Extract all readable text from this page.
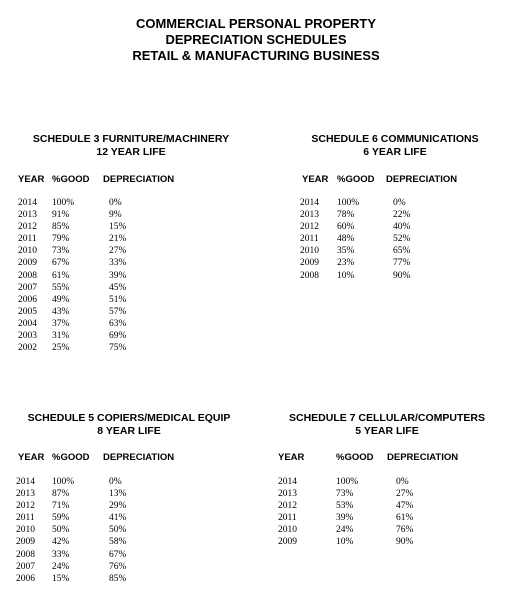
COMMERCIAL PERSONAL PROPERTY
DEPRECIATION SCHEDULES
RETAIL & MANUFACTURING BUSINESS
SCHEDULE 3 FURNITURE/MACHINERY
12 YEAR LIFE
YEAR %GOOD DEPRECIATION
2014 100%	0%
2013 91%	9%
2012 85%	15%
2011 79%	21%
2010 73%	27%
2009 67%	33%
2008 61%	39%
2007 55%	45%
2006 49%	51%
2005 43%	57%
2004 37%	63%
2003 31%	69%
2002 25%	75%
SCHEDULE 6 COMMUNICATIONS
6 YEAR LIFE
YEAR %GOOD DEPRECIATION
2014 100%	0%
2013 78%	22%
2012 60%	40%
2011 48%	52%
2010 35%	65%
2009 23%	77%
2008 10%	90%
SCHEDULE 5 COPIERS/MEDICAL EQUIP
8 YEAR LIFE
YEAR %GOOD DEPRECIATION
2014 100%	0%
2013 87%	13%
2012 71%	29%
2011 59%	41%
2010 50%	50%
2009 42%	58%
2008 33%	67%
2007 24%	76%
2006 15%	85%
SCHEDULE 7 CELLULAR/COMPUTERS
5 YEAR LIFE
YEAR	%GOOD DEPRECIATION
2014	100%	0%
2013	73%	27%
2012	53%	47%
2011	39%	61%
2010	24%	76%
2009	10%	90%
